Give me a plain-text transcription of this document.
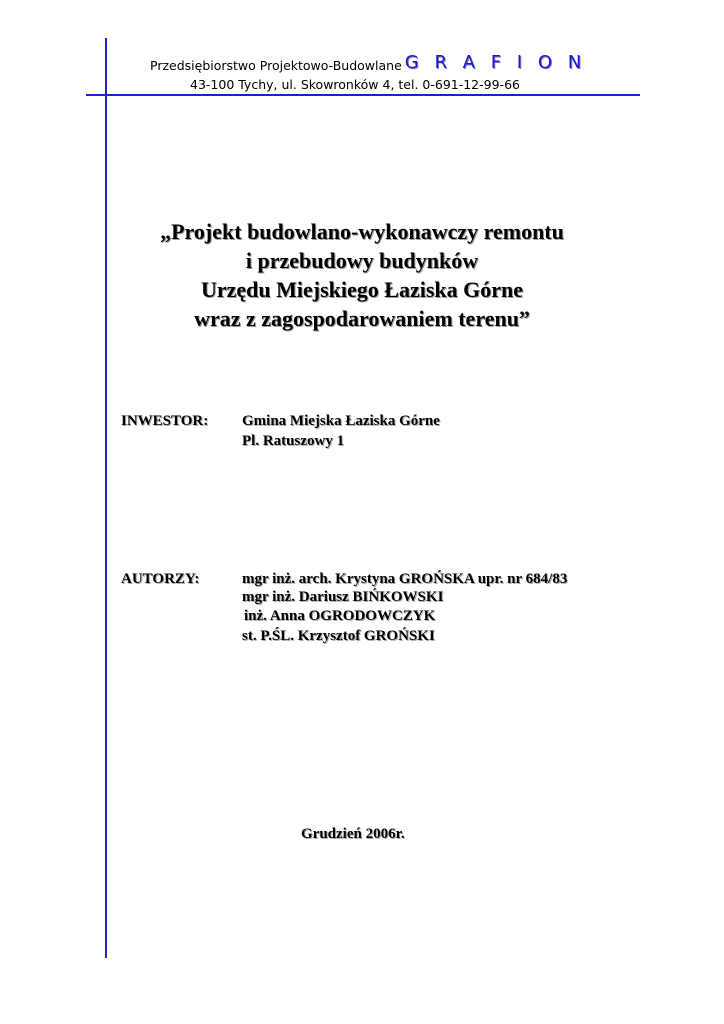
Przedsiębiorstwo Projektowo-Budowlane G R A F I O N
43-100 Tychy, ul. Skowronków 4, tel. 0-691-12-99-66
„Projekt budowlano-wykonawczy remontu
i przebudowy budynków
Urzędu Miejskiego Łaziska Górne
wraz z zagospodarowaniem terenu”
INWESTOR: Gmina Miejska Łaziska Górne
Pl. Ratuszowy 1
AUTORZY:	mgr inż. arch. Krystyna GROŃSKA upr. nr 684/83
mgr inż. Dariusz BIŃKOWSKI
inż. Anna OGRODOWCZYK
st. P.ŚL. Krzysztof GROŃSKI
Grudzień 2006r.
